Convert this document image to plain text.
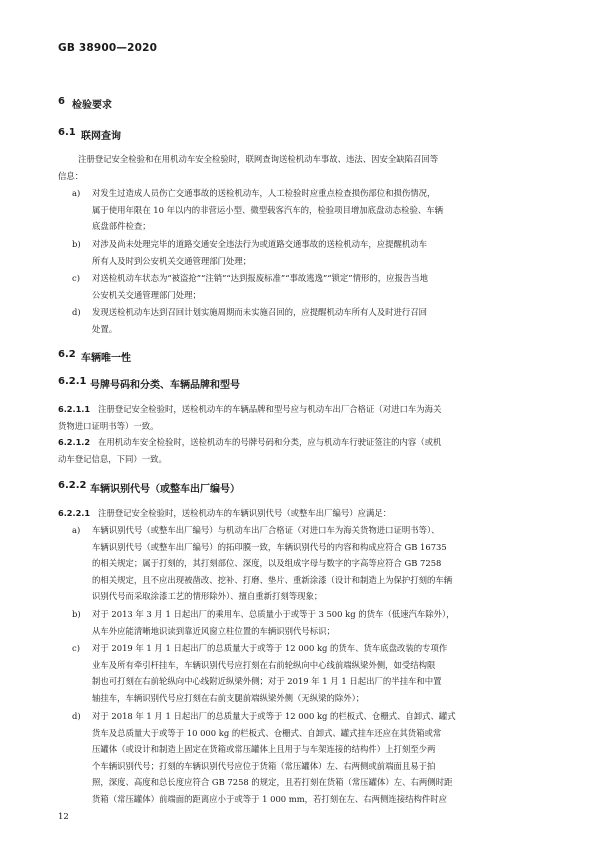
GB 38900—2020
6 检验要求
6.1 联网查询
注册登记安全检验和在用机动车安全检验时，联网查询送检机动车事故、违法、因安全缺陷召回等
信息：
a) 对发生过造成人员伤亡交通事故的送检机动车，人工检验时应重点检查损伤部位和损伤情况，
属于使用年限在 10 年以内的非营运小型、微型载客汽车的，检验项目增加底盘动态检验、车辆
底盘部件检查；
b) 对涉及尚未处理完毕的道路交通安全违法行为或道路交通事故的送检机动车，应提醒机动车
所有人及时到公安机关交通管理部门处理；
c) 对送检机动车状态为“被盗抢”“注销”“达到报废标准”“事故逃逸”“锁定”情形的，应报告当地
公安机关交通管理部门处理；
d) 发现送检机动车达到召回计划实施周期而未实施召回的，应提醒机动车所有人及时进行召回
处置。
6.2 车辆唯一性
6.2.1 号牌号码和分类、车辆品牌和型号
6.2.1.1 注册登记安全检验时，送检机动车的车辆品牌和型号应与机动车出厂合格证（对进口车为海关
货物进口证明书等）一致。
6.2.1.2 在用机动车安全检验时，送检机动车的号牌号码和分类，应与机动车行驶证签注的内容（或机
动车登记信息，下同）一致。
6.2.2 车辆识别代号（或整车出厂编号）
6.2.2.1 注册登记安全检验时，送检机动车的车辆识别代号（或整车出厂编号）应满足：
a) 车辆识别代号（或整车出厂编号）与机动车出厂合格证（对进口车为海关货物进口证明书等）、
车辆识别代号（或整车出厂编号）的拓印膜一致，车辆识别代号的内容和构成应符合 GB 16735
的相关规定；属于打刻的，其打刻部位、深度，以及组成字母与数字的字高等应符合 GB 7258
的相关规定，且不应出现被凿改、挖补、打磨、垫片、重新涂漆（设计和制造上为保护打刻的车辆
识别代号而采取涂漆工艺的情形除外）、擅自重新打刻等现象；
b) 对于 2013 年 3 月 1 日起出厂的乘用车、总质量小于或等于 3 500 kg 的货车（低速汽车除外），
从车外应能清晰地识读到靠近风窗立柱位置的车辆识别代号标识；
c) 对于 2019 年 1 月 1 日起出厂的总质量大于或等于 12 000 kg 的货车、货车底盘改装的专项作
业车及所有牵引杆挂车，车辆识别代号应打刻在右前轮纵向中心线前端纵梁外侧，如受结构限
制也可打刻在右前轮纵向中心线附近纵梁外侧；对于 2019 年 1 月 1 日起出厂的半挂车和中置
轴挂车，车辆识别代号应打刻在右前支腿前端纵梁外侧（无纵梁的除外）；
d) 对于 2018 年 1 月 1 日起出厂的总质量大于或等于 12 000 kg 的栏板式、仓栅式、自卸式、罐式
货车及总质量大于或等于 10 000 kg 的栏板式、仓栅式、自卸式、罐式挂车还应在其货箱或常
压罐体（或设计和制造上固定在货箱或常压罐体上且用于与车架连接的结构件）上打刻至少两
个车辆识别代号；打刻的车辆识别代号应位于货箱（常压罐体）左、右两侧或前端面且易于拍
照，深度、高度和总长度应符合 GB 7258 的规定，且若打刻在货箱（常压罐体）左、右两侧时距
货箱（常压罐体）前端面的距离应小于或等于 1 000 mm，若打刻在左、右两侧连接结构件时应
12
